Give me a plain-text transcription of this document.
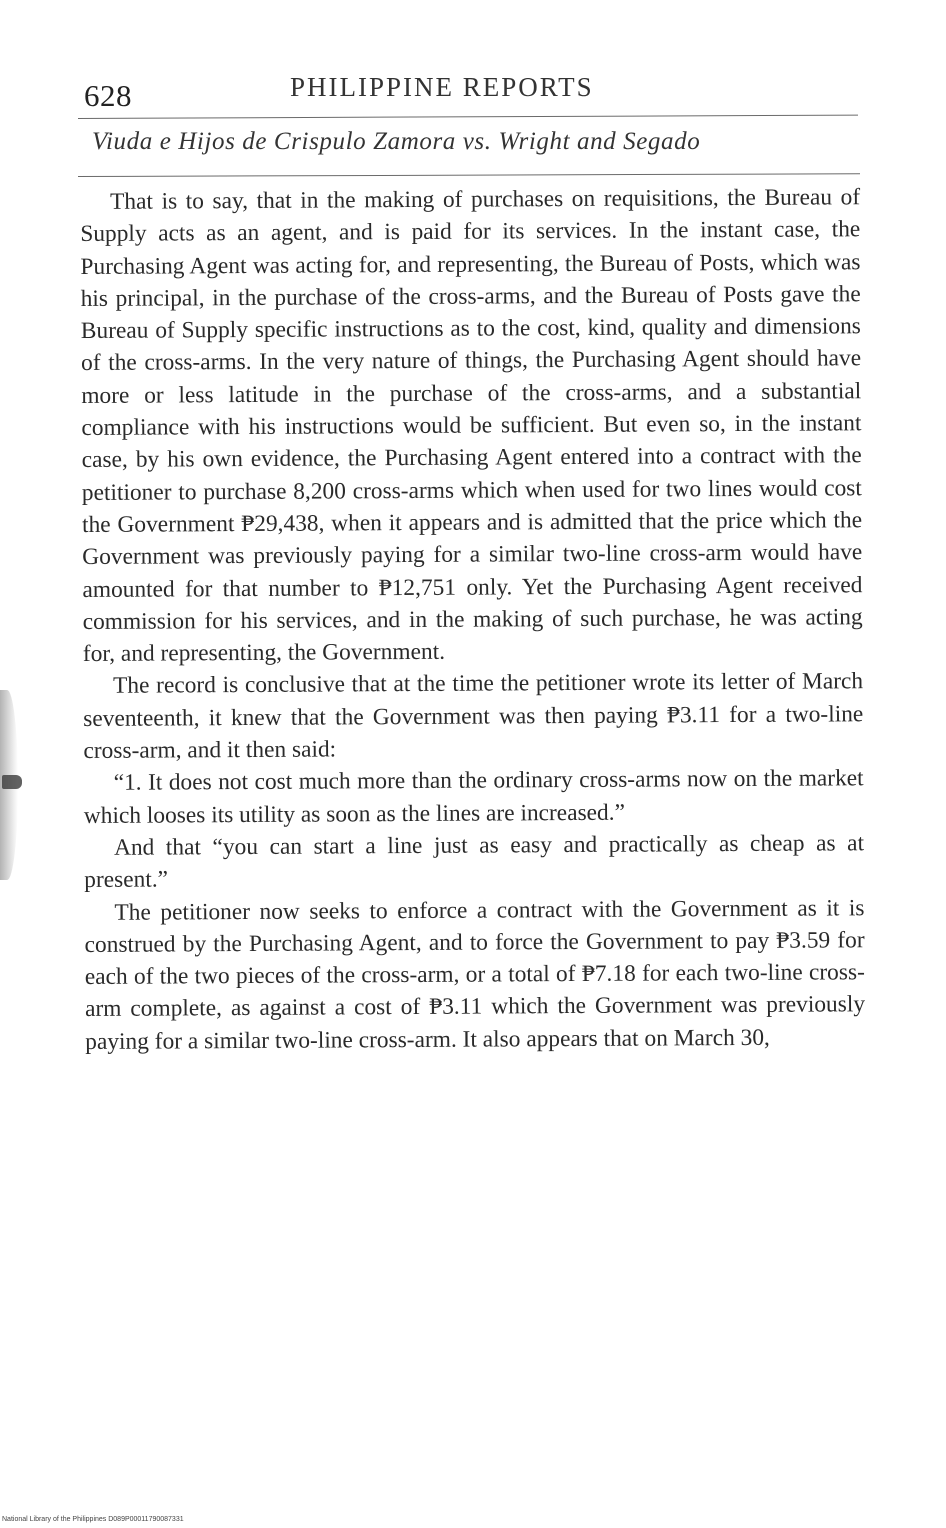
628	PHILIPPINE REPORTS
Viuda e Hijos de Crispulo Zamora vs. Wright and Segado

That is to say, that in the making of purchases on requisitions, the Bureau of Supply acts as an agent, and is paid for its services. In the instant case, the Purchasing Agent was acting for, and representing, the Bureau of Posts, which was his principal, in the purchase of the cross-arms, and the Bureau of Posts gave the Bureau of Supply specific instructions as to the cost, kind, quality and dimensions of the cross-arms. In the very nature of things, the Purchasing Agent should have more or less latitude in the purchase of the cross-arms, and a substantial compliance with his instructions would be sufficient. But even so, in the instant case, by his own evidence, the Purchasing Agent entered into a contract with the petitioner to purchase 8,200 cross-arms which when used for two lines would cost the Government ₱29,438, when it appears and is admitted that the price which the Government was previously paying for a similar two-line cross-arm would have amounted for that number to ₱12,751 only. Yet the Purchasing Agent received commission for his services, and in the making of such purchase, he was acting for, and representing, the Government.

The record is conclusive that at the time the petitioner wrote its letter of March seventeenth, it knew that the Government was then paying ₱3.11 for a two-line cross-arm, and it then said:

“1. It does not cost much more than the ordinary cross-arms now on the market which looses its utility as soon as the lines are increased.”

And that “you can start a line just as easy and practically as cheap as at present.”

The petitioner now seeks to enforce a contract with the Government as it is construed by the Purchasing Agent, and to force the Government to pay ₱3.59 for each of the two pieces of the cross-arm, or a total of ₱7.18 for each two-line cross-arm complete, as against a cost of ₱3.11 which the Government was previously paying for a similar two-line cross-arm. It also appears that on March 30,

National Library of the Philippines D089P00011790087331
